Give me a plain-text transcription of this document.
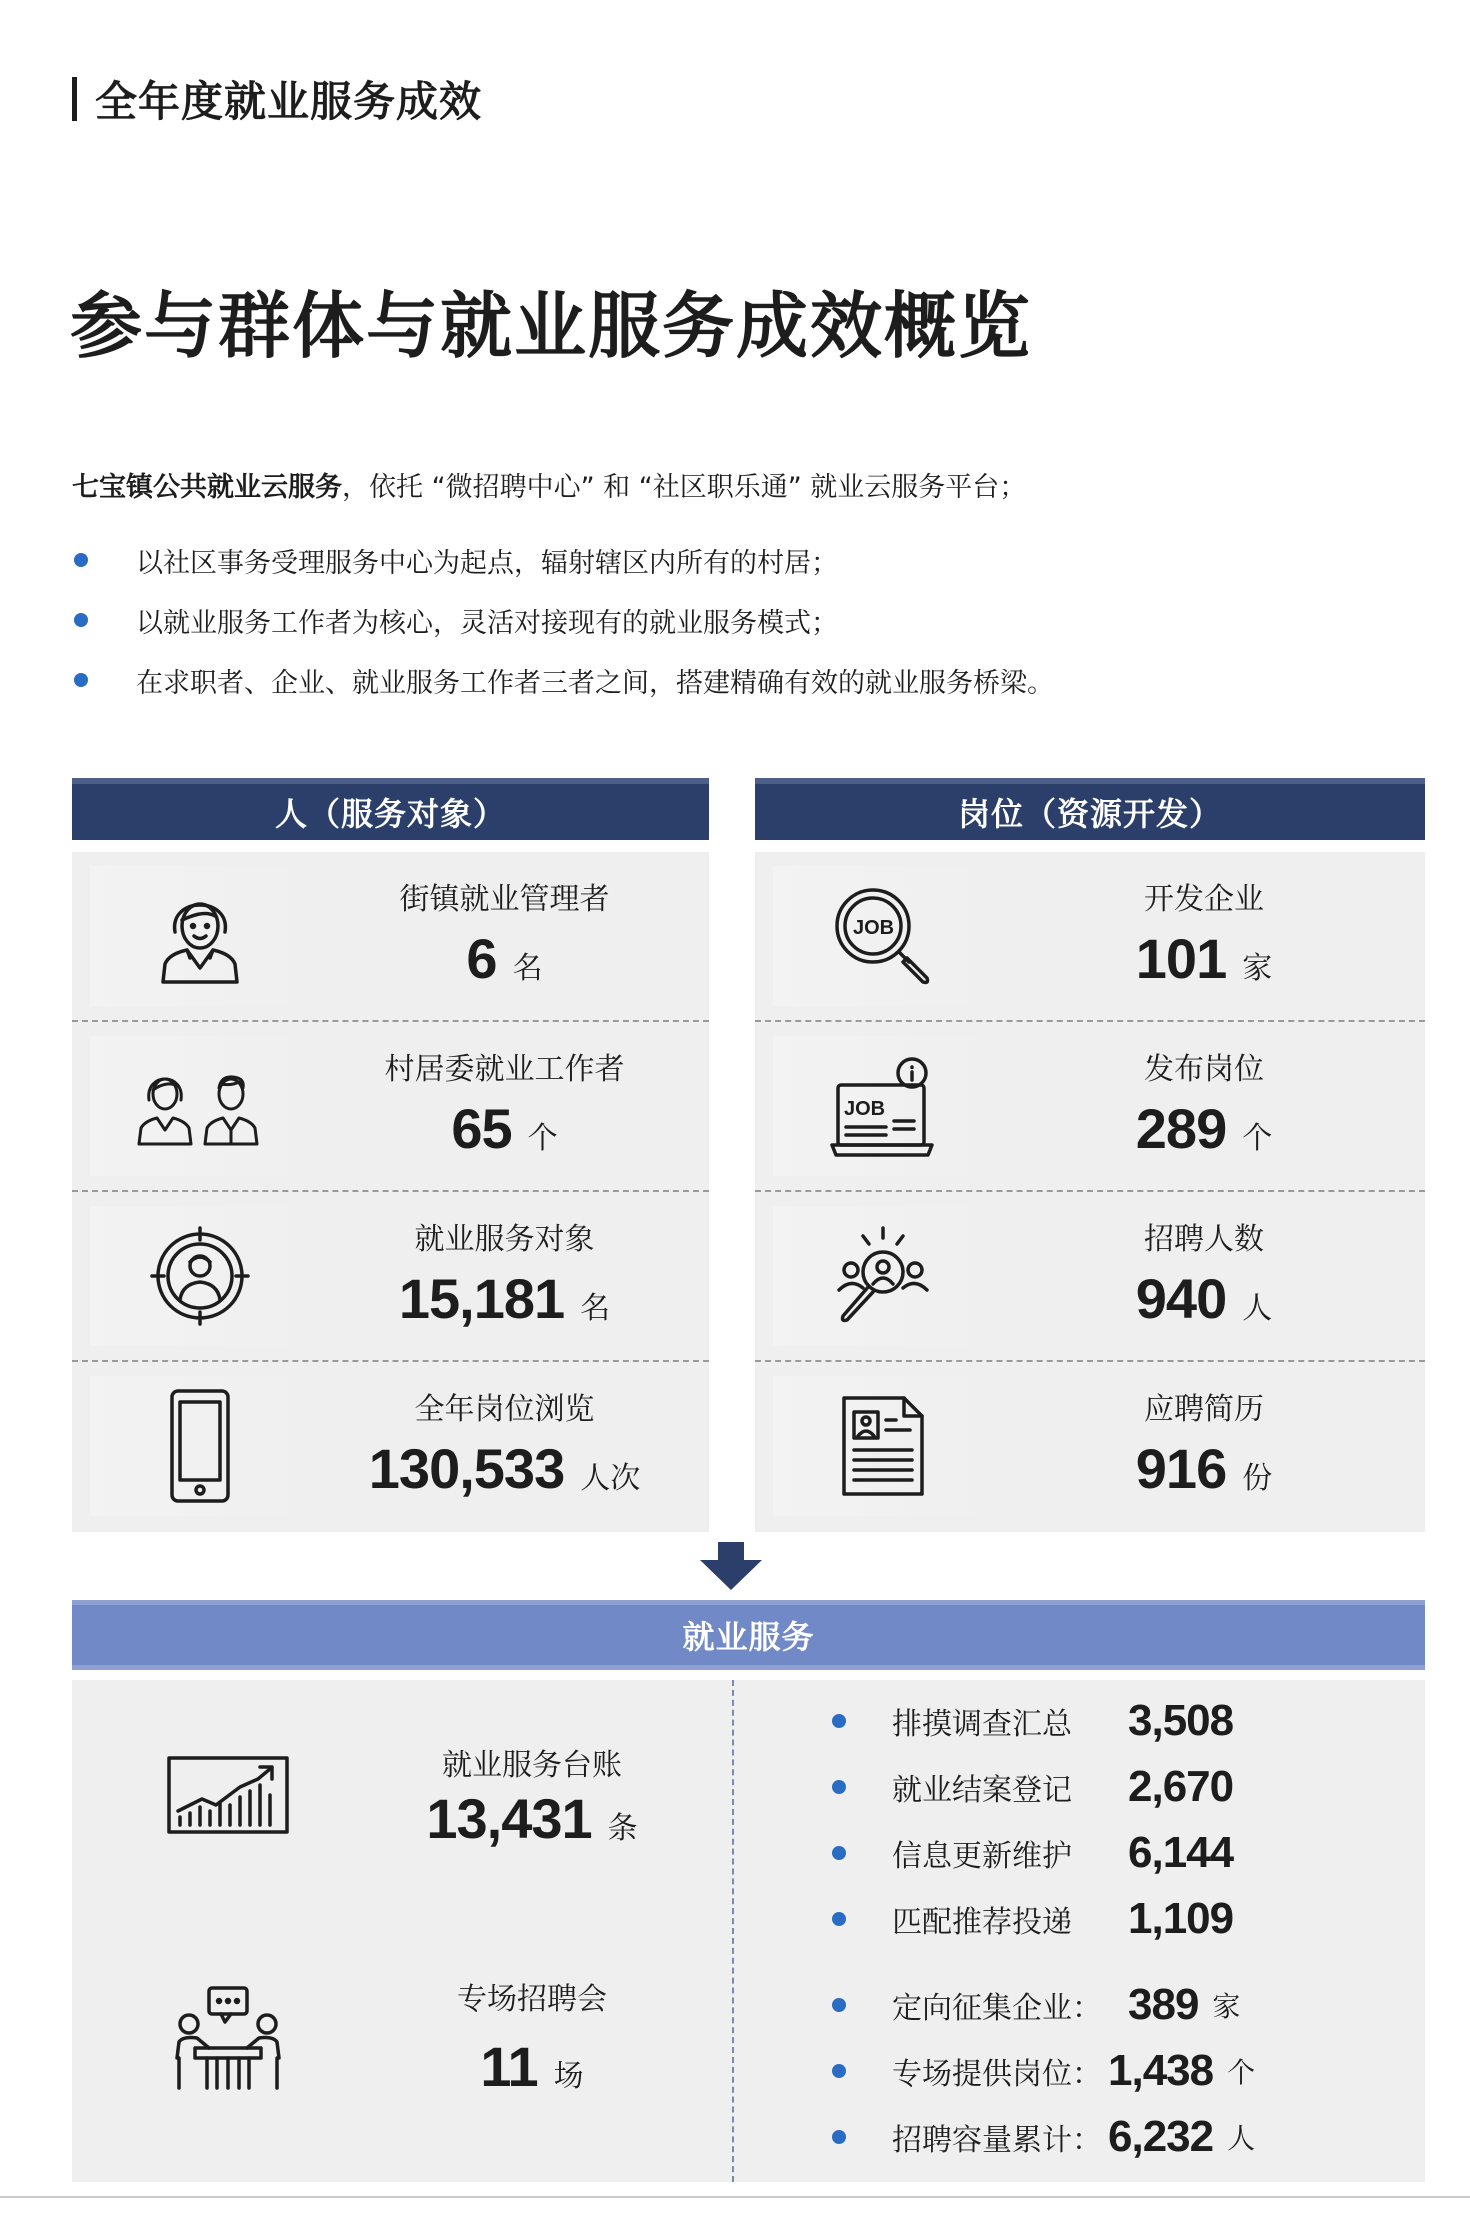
全年度就业服务成效
参与群体与就业服务成效概览
七宝镇公共就业云服务，依托 “微招聘中心” 和 “社区职乐通” 就业云服务平台；
以社区事务受理服务中心为起点，辐射辖区内所有的村居；
以就业服务工作者为核心，灵活对接现有的就业服务模式；
在求职者、企业、就业服务工作者三者之间，搭建精确有效的就业服务桥梁。
人（服务对象）
街镇就业管理者
6 名
村居委就业工作者
65 个
就业服务对象
15,181 名
全年岗位浏览
130,533 人次
岗位（资源开发）
JOB
开发企业
101 家
JOB
发布岗位
289 个
招聘人数
940 人
应聘简历
916 份
就业服务
就业服务台账
13,431 条
专场招聘会
11 场
排摸调查汇总	3,508
就业结案登记	2,670
信息更新维护	6,144
匹配推荐投递	1,109
定向征集企业： 389 家
专场提供岗位： 1,438 个
招聘容量累计： 6,232 人
